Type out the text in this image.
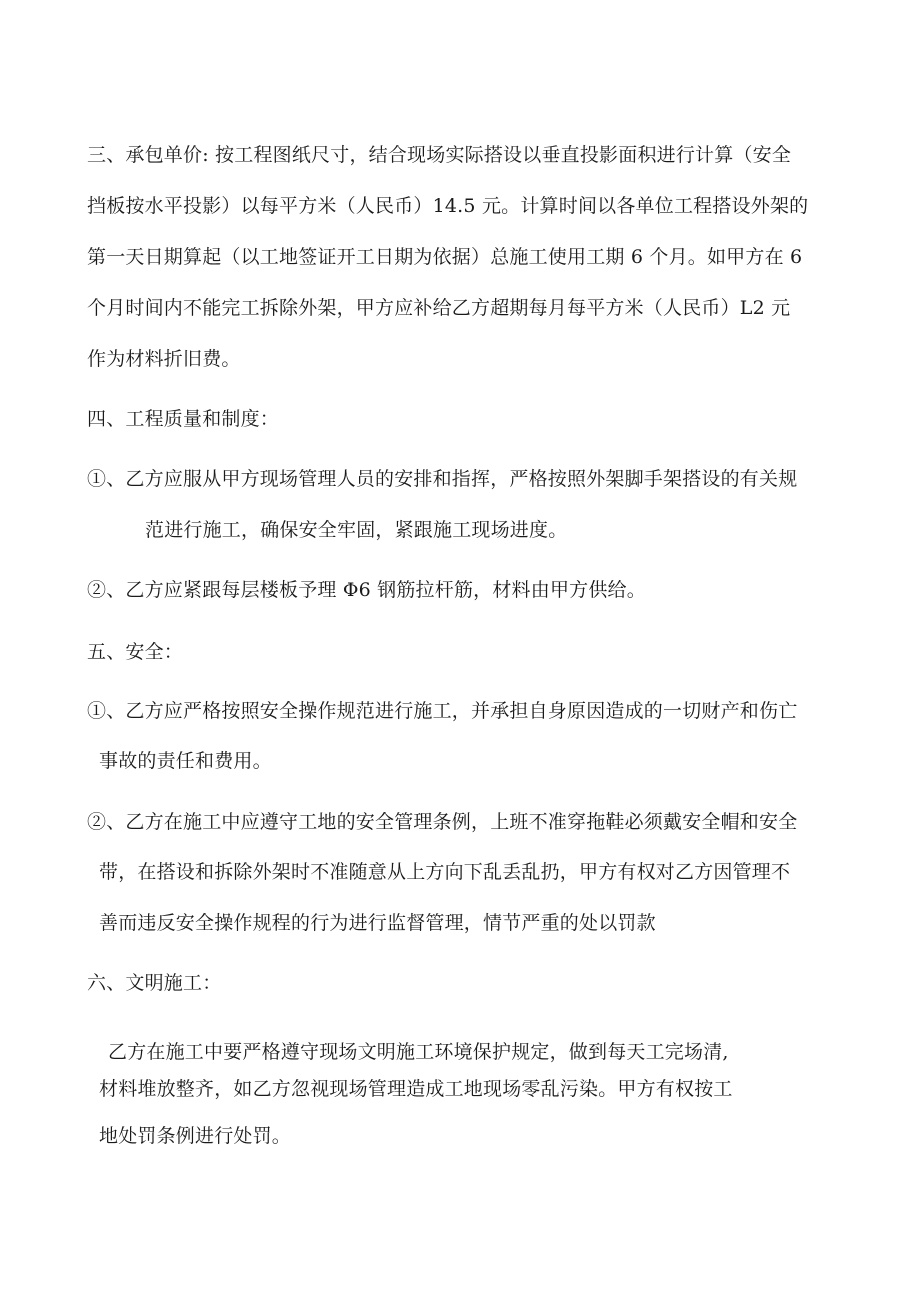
三、承包单价: 按工程图纸尺寸，结合现场实际搭设以垂直投影面积进行计算（安全
挡板按水平投影）以每平方米（人民币）14.5 元。计算时间以各单位工程搭设外架的
第一天日期算起（以工地签证开工日期为依据）总施工使用工期 6 个月。如甲方在 6
个月时间内不能完工拆除外架，甲方应补给乙方超期每月每平方米（人民币）L2 元
作为材料折旧费。
四、工程质量和制度：
①、乙方应服从甲方现场管理人员的安排和指挥，严格按照外架脚手架搭设的有关规
范进行施工，确保安全牢固，紧跟施工现场进度。
②、乙方应紧跟每层楼板予理 Φ6 钢筋拉杆筋，材料由甲方供给。
五、安全：
①、乙方应严格按照安全操作规范进行施工，并承担自身原因造成的一切财产和伤亡
事故的责任和费用。
②、乙方在施工中应遵守工地的安全管理条例，上班不准穿拖鞋必须戴安全帽和安全
带，在搭设和拆除外架时不准随意从上方向下乱丢乱扔，甲方有权对乙方因管理不
善而违反安全操作规程的行为进行监督管理，情节严重的处以罚款
六、文明施工：
乙方在施工中要严格遵守现场文明施工环境保护规定，做到每天工完场清,
材料堆放整齐，如乙方忽视现场管理造成工地现场零乱污染。甲方有权按工
地处罚条例进行处罚。
